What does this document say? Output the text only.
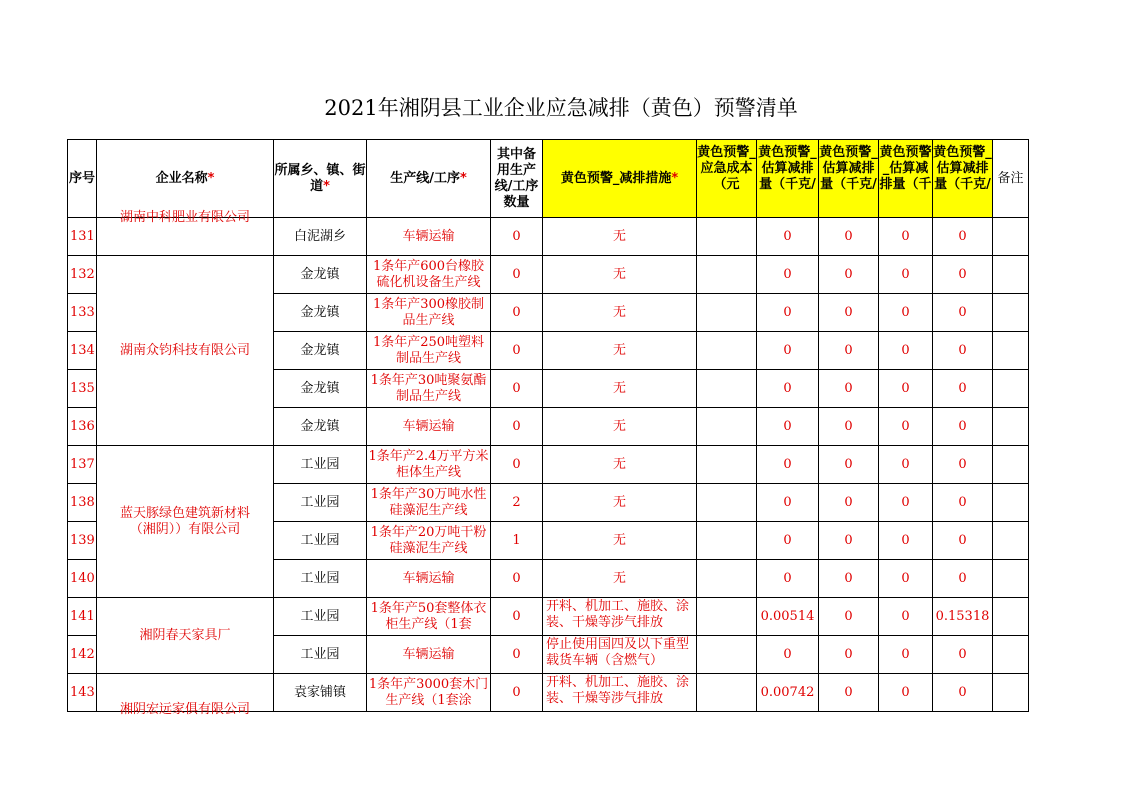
2021年湘阴县工业企业应急减排（黄色）预警清单
序号	企业名称*	所属乡、镇、街道*	生产线/工序*	其中备用生产线/工序数量	黄色预警_减排措施*	黄色预警_应急成本（元	黄色预警_估算减排量（千克/	黄色预警_估算减排量（千克/	黄色预警_估算减排量（千	黄色预警_估算减排量（千克/	备注
131	湖南中科肥业有限公司	白泥湖乡	车辆运输	0	无		0	0	0	0	
132	湖南众钧科技有限公司	金龙镇	1条年产600台橡胶硫化机设备生产线	0	无		0	0	0	0	
133		金龙镇	1条年产300橡胶制品生产线	0	无		0	0	0	0	
134		金龙镇	1条年产250吨塑料制品生产线	0	无		0	0	0	0	
135		金龙镇	1条年产30吨聚氨酯制品生产线	0	无		0	0	0	0	
136		金龙镇	车辆运输	0	无		0	0	0	0	
137	蓝天豚绿色建筑新材料（湘阴））有限公司	工业园	1条年产2.4万平方米柜体生产线	0	无		0	0	0	0	
138		工业园	1条年产30万吨水性硅藻泥生产线	2	无		0	0	0	0	
139		工业园	1条年产20万吨干粉硅藻泥生产线	1	无		0	0	0	0	
140		工业园	车辆运输	0	无		0	0	0	0	
141	湘阴春天家具厂	工业园	1条年产50套整体衣柜生产线（1套	0	开料、机加工、施胶、涂装、干燥等涉气排放		0.00514	0	0	0.15318	
142		工业园	车辆运输	0	停止使用国四及以下重型载货车辆（含燃气）		0	0	0	0	
143	湘阴宏远家俱有限公司	袁家铺镇	1条年产3000套木门生产线（1套涂	0	开料、机加工、施胶、涂装、干燥等涉气排放		0.00742	0	0	0	
